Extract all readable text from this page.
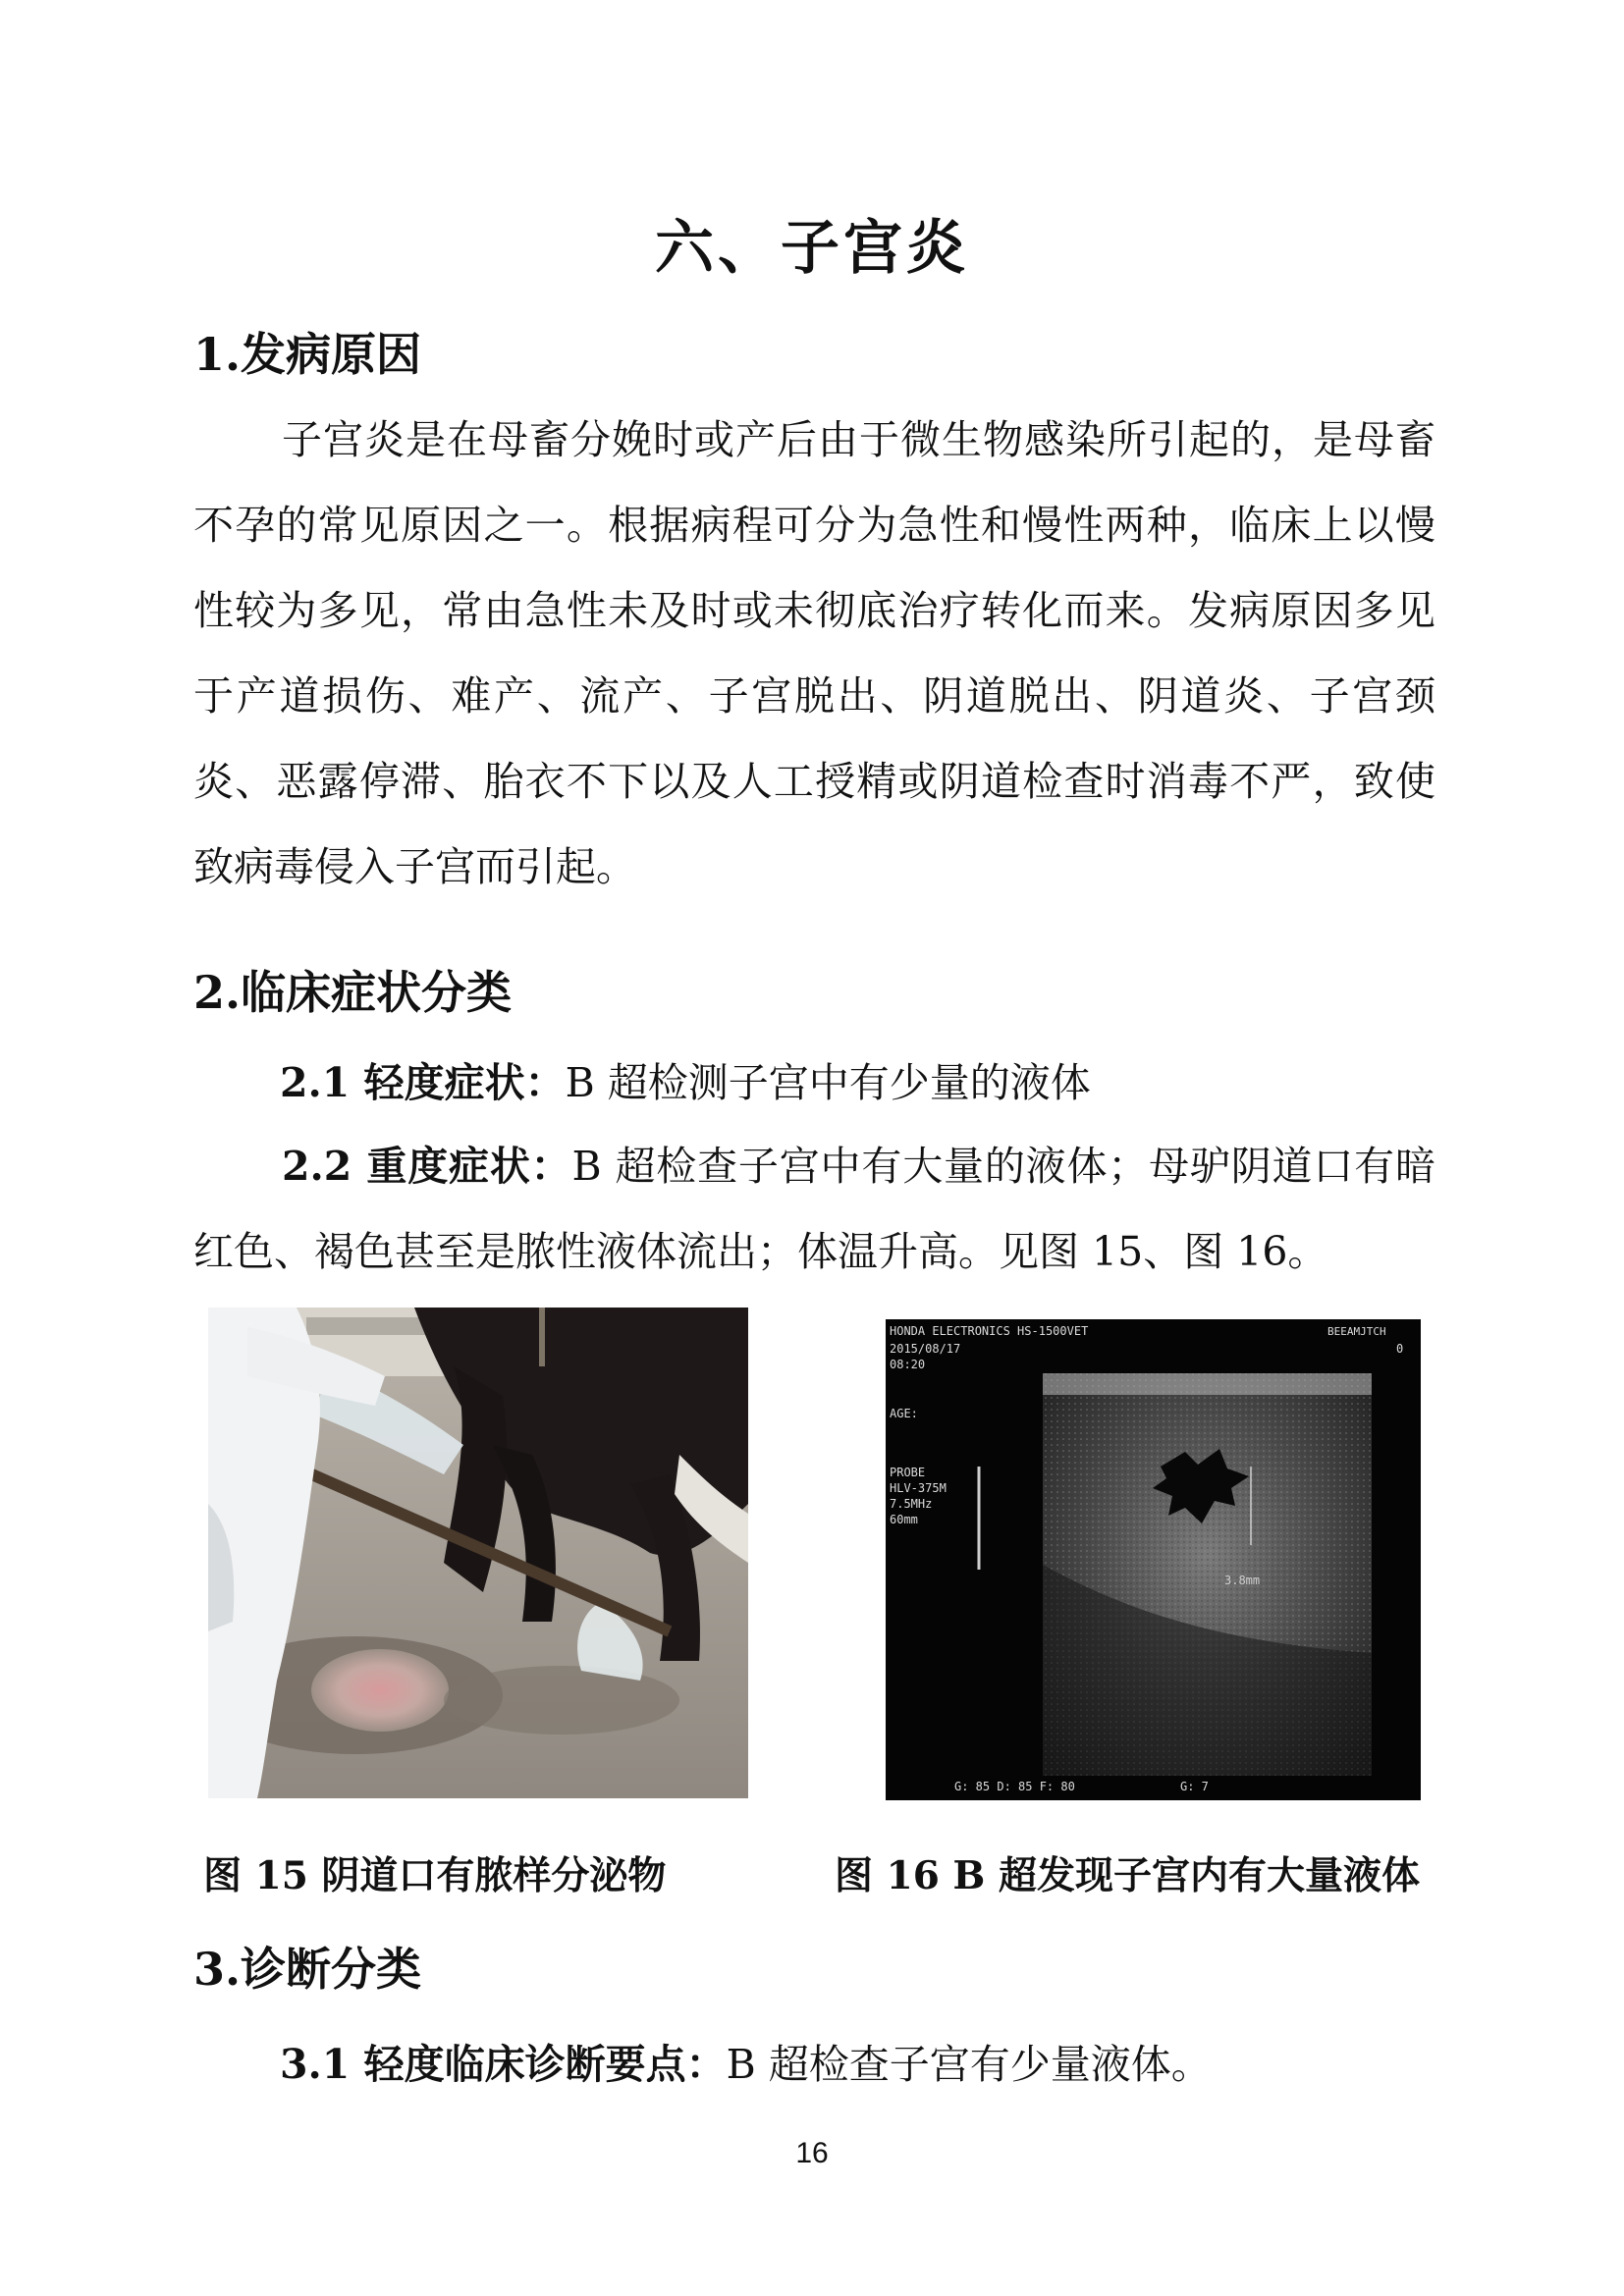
六、子宫炎
1.发病原因

子宫炎是在母畜分娩时或产后由于微生物感染所引起的，是母畜不孕的常见原因之一。根据病程可分为急性和慢性两种，临床上以慢性较为多见，常由急性未及时或未彻底治疗转化而来。发病原因多见于产道损伤、难产、流产、子宫脱出、阴道脱出、阴道炎、子宫颈炎、恶露停滞、胎衣不下以及人工授精或阴道检查时消毒不严，致使致病毒侵入子宫而引起。

2.临床症状分类
2.1 轻度症状：B 超检测子宫中有少量的液体

2.2 重度症状：B 超检查子宫中有大量的液体；母驴阴道口有暗红色、褐色甚至是脓性液体流出；体温升高。见图 15、图 16。

3.8mm
HONDA ELECTRONICS HS-1500VET
2015/08/17
08:20
AGE:
PROBE
HLV-375M
7.5MHz
60mm
BEEAMJTCH
0
G: 85 D: 85 F: 80	G: 7
图 15 阴道口有脓样分泌物	图 16 B 超发现子宫内有大量液体
3.诊断分类
3.1 轻度临床诊断要点：B 超检查子宫有少量液体。
16
